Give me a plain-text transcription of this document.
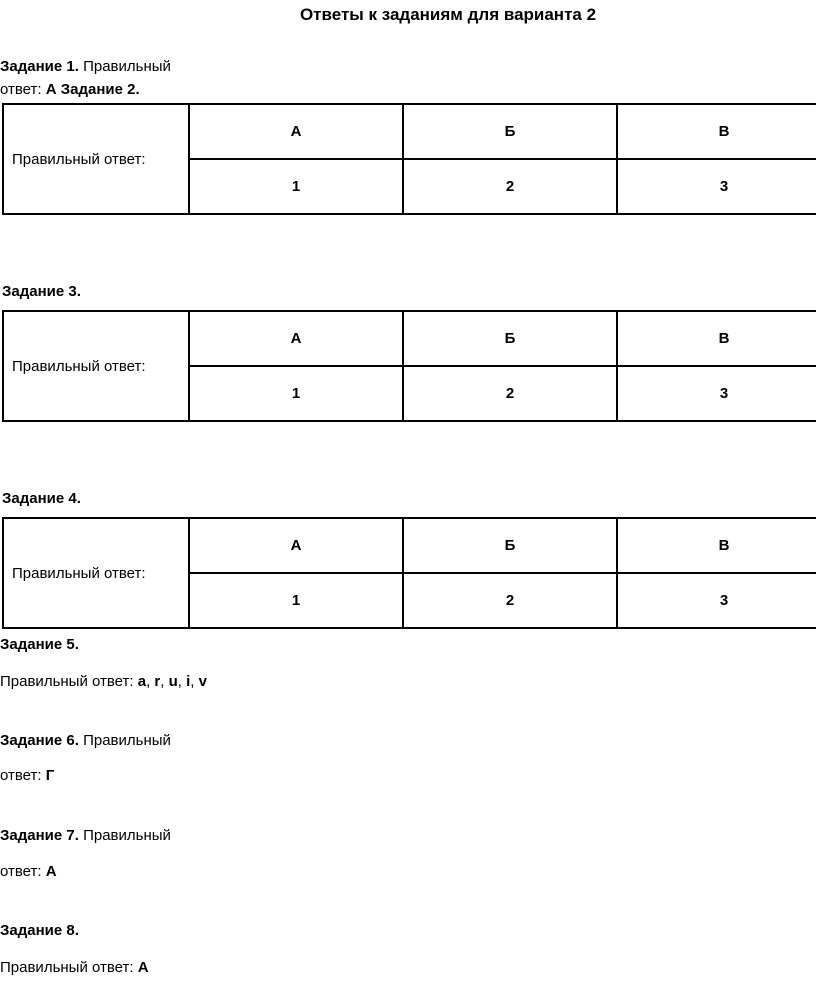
Ответы к заданиям для варианта 2
Задание 1. Правильный
ответ: А Задание 2.
Правильный ответ:	А	Б	В
	1	2	3
Задание 3.
Правильный ответ:	А	Б	В
	1	2	3
Задание 4.
Правильный ответ:	А	Б	В
	1	2	3
Задание 5.
Правильный ответ: a, r, u, i, v
Задание 6. Правильный
ответ: Г
Задание 7. Правильный
ответ: А
Задание 8.
Правильный ответ: А
